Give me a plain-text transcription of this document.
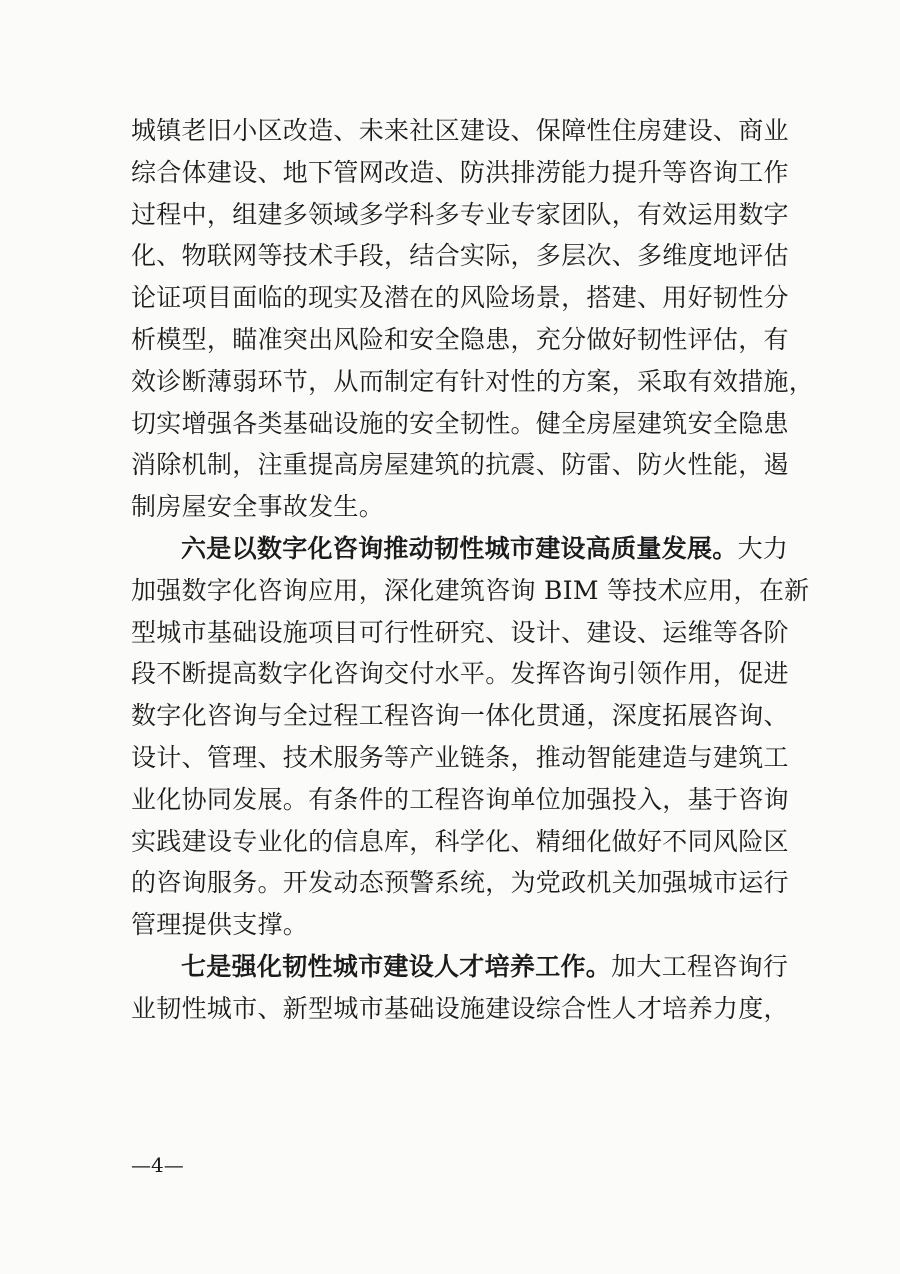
城镇老旧小区改造、未来社区建设、保障性住房建设、商业
综合体建设、地下管网改造、防洪排涝能力提升等咨询工作
过程中，组建多领域多学科多专业专家团队，有效运用数字
化、物联网等技术手段，结合实际，多层次、多维度地评估
论证项目面临的现实及潜在的风险场景，搭建、用好韧性分
析模型，瞄准突出风险和安全隐患，充分做好韧性评估，有
效诊断薄弱环节，从而制定有针对性的方案，采取有效措施，
切实增强各类基础设施的安全韧性。健全房屋建筑安全隐患
消除机制，注重提高房屋建筑的抗震、防雷、防火性能，遏
制房屋安全事故发生。
六是以数字化咨询推动韧性城市建设高质量发展。大力
加强数字化咨询应用，深化建筑咨询 BIM 等技术应用，在新
型城市基础设施项目可行性研究、设计、建设、运维等各阶
段不断提高数字化咨询交付水平。发挥咨询引领作用，促进
数字化咨询与全过程工程咨询一体化贯通，深度拓展咨询、
设计、管理、技术服务等产业链条，推动智能建造与建筑工
业化协同发展。有条件的工程咨询单位加强投入，基于咨询
实践建设专业化的信息库，科学化、精细化做好不同风险区
的咨询服务。开发动态预警系统，为党政机关加强城市运行
管理提供支撑。
七是强化韧性城市建设人才培养工作。加大工程咨询行
业韧性城市、新型城市基础设施建设综合性人才培养力度，
—4—
